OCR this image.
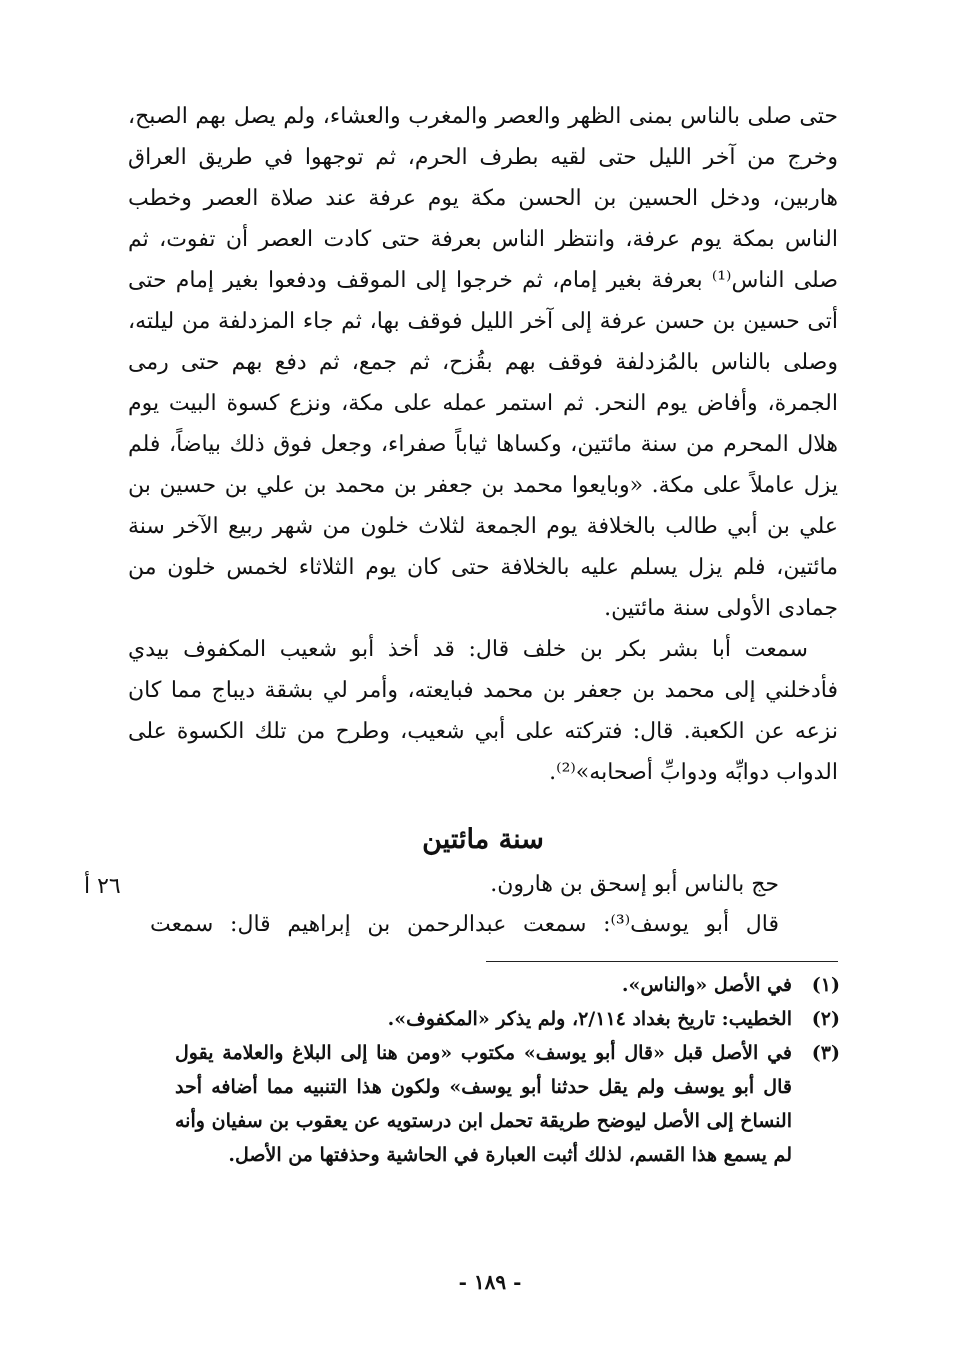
حتى صلى بالناس بمنى الظهر والعصر والمغرب والعشاء، ولم يصل بهم الصبح، وخرج من آخر الليل حتى لقيه بطرف الحرم، ثم توجهوا في طريق العراق هاربين، ودخل الحسين بن الحسن مكة يوم عرفة عند صلاة العصر وخطب الناس بمكة يوم عرفة، وانتظر الناس بعرفة حتى كادت العصر أن تفوت، ثم صلى الناس⁽¹⁾ بعرفة بغير إمام، ثم خرجوا إلى الموقف ودفعوا بغير إمام حتى أتى حسين بن حسن عرفة إلى آخر الليل فوقف بها، ثم جاء المزدلفة من ليلته، وصلى بالناس بالمُزدلفة فوقف بهم بقُزح، ثم جمع، ثم دفع بهم حتى رمى الجمرة، وأفاض يوم النحر. ثم استمر عمله على مكة، ونزع كسوة البيت يوم هلال المحرم من سنة مائتين، وكساها ثياباً صفراء، وجعل فوق ذلك بياضاً، فلم يزل عاملاً على مكة. «وبايعوا محمد بن جعفر بن محمد بن علي بن حسين بن علي بن أبي طالب بالخلافة يوم الجمعة لثلاث خلون من شهر ربيع الآخر سنة مائتين، فلم يزل يسلم عليه بالخلافة حتى كان يوم الثلاثاء لخمس خلون من جمادى الأولى سنة مائتين.

سمعت أبا بشر بكر بن خلف قال: قد أخذ أبو شعيب المكفوف بيدي فأدخلني إلى محمد بن جعفر بن محمد فبايعته، وأمر لي بشقة ديباج مما كان نزعه عن الكعبة. قال: فتركته على أبي شعيب، وطرح من تلك الكسوة على الدواب دوابِّه ودوابِّ أصحابه»⁽²⁾.

سنة مائتين
حج بالناس أبو إسحق بن هارون.
٢٦ أ
قال أبو يوسف⁽³⁾: سمعت عبدالرحمن بن إبراهيم قال: سمعت
(١)
في الأصل «والناس».
(٢)
الخطيب: تاريخ بغداد ٢/١١٤، ولم يذكر «المكفوف».
(٣)
في الأصل قبل «قال أبو يوسف» مكتوب «ومن هنا إلى البلاغ والعلامة يقول قال أبو يوسف ولم يقل حدثنا أبو يوسف» ولكون هذا التنبيه مما أضافه أحد النساخ إلى الأصل ليوضح طريقة تحمل ابن درستويه عن يعقوب بن سفيان وأنه لم يسمع هذا القسم، لذلك أثبت العبارة في الحاشية وحذفتها من الأصل.
- ١٨٩ -
